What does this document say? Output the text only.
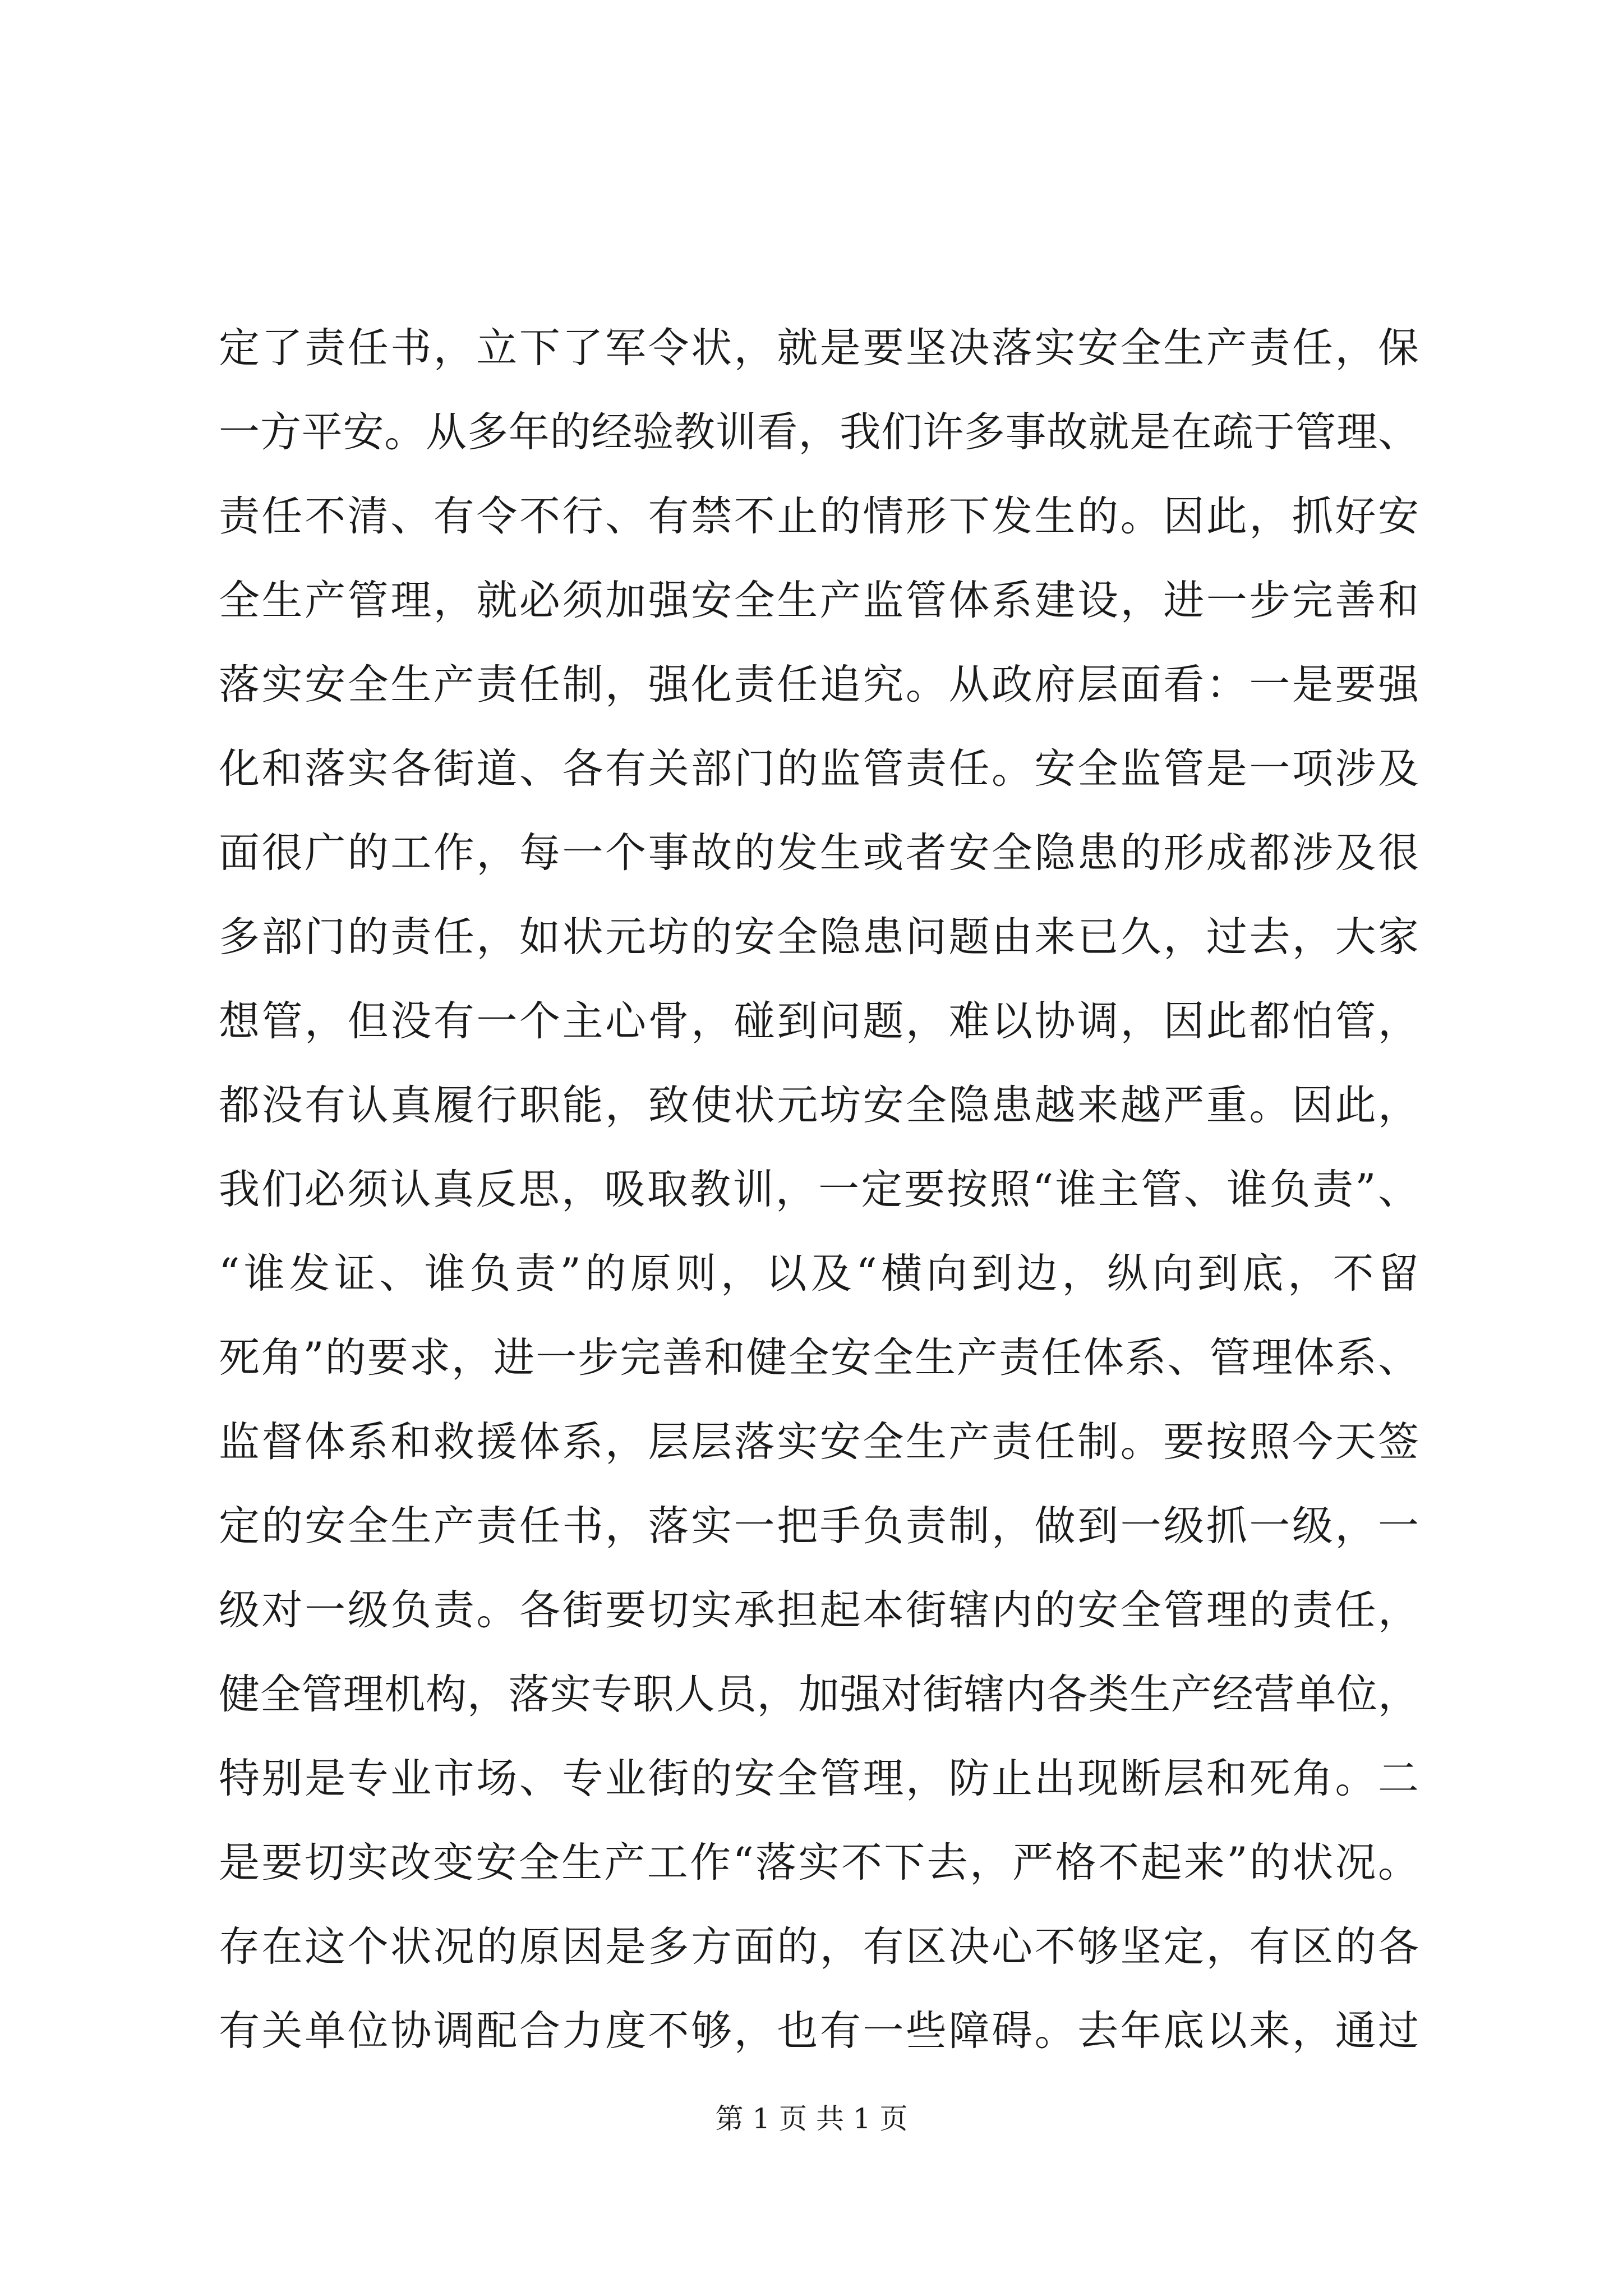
定了责任书，立下了军令状，就是要坚决落实安全生产责任，保
一方平安。从多年的经验教训看，我们许多事故就是在疏于管理、
责任不清、有令不行、有禁不止的情形下发生的。因此，抓好安
全生产管理，就必须加强安全生产监管体系建设，进一步完善和
落实安全生产责任制，强化责任追究。从政府层面看：一是要强
化和落实各街道、各有关部门的监管责任。安全监管是一项涉及
面很广的工作，每一个事故的发生或者安全隐患的形成都涉及很
多部门的责任，如状元坊的安全隐患问题由来已久，过去，大家
想管，但没有一个主心骨，碰到问题，难以协调，因此都怕管，
都没有认真履行职能，致使状元坊安全隐患越来越严重。因此，
我们必须认真反思，吸取教训，一定要按照“谁主管、谁负责”、
“谁发证、谁负责”的原则，以及“横向到边，纵向到底，不留
死角”的要求，进一步完善和健全安全生产责任体系、管理体系、
监督体系和救援体系，层层落实安全生产责任制。要按照今天签
定的安全生产责任书，落实一把手负责制，做到一级抓一级，一
级对一级负责。各街要切实承担起本街辖内的安全管理的责任，
健全管理机构，落实专职人员，加强对街辖内各类生产经营单位，
特别是专业市场、专业街的安全管理，防止出现断层和死角。二
是要切实改变安全生产工作“落实不下去，严格不起来”的状况。
存在这个状况的原因是多方面的，有区决心不够坚定，有区的各
有关单位协调配合力度不够，也有一些障碍。去年底以来，通过
第 1 页 共 1 页
